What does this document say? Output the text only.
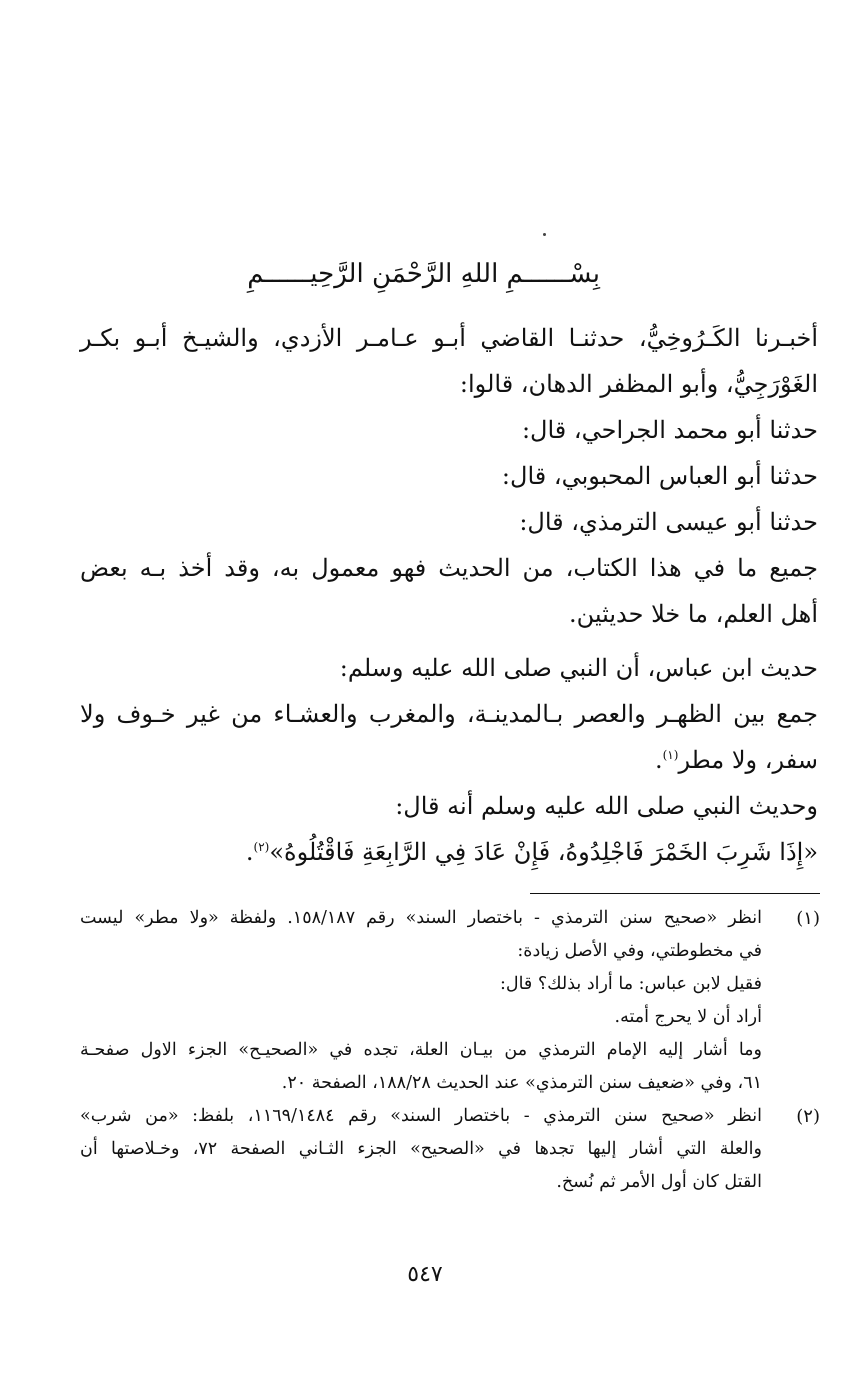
بِسْــــــمِ اللهِ الرَّحْمَنِ الرَّحِيــــــمِ
أخبـرنا الكَـرُوخِيُّ، حدثنـا القاضي أبـو عـامـر الأزدي، والشيـخ أبـو بكـر
الغَوْرَجِيُّ، وأبو المظفر الدهان، قالوا:
حدثنا أبو محمد الجراحي، قال:
حدثنا أبو العباس المحبوبي، قال:
حدثنا أبو عيسى الترمذي، قال:
جميع ما في هذا الكتاب، من الحديث فهو معمول به، وقد أخذ بـه بعض
أهل العلم، ما خلا حديثين.
حديث ابن عباس، أن النبي صلى الله عليه وسلم:
جمع بين الظهـر والعصر بـالمدينـة، والمغرب والعشـاء من غير خـوف ولا
سفر، ولا مطر$^{(١)}$.
وحديث النبي صلى الله عليه وسلم أنه قال:
«إِذَا شَرِبَ الخَمْرَ فَاجْلِدُوهُ، فَإِنْ عَادَ فِي الرَّابِعَةِ فَاقْتُلُوهُ»$^{(٢)}$.
(١)
انظر «صحيح سنن الترمذي - باختصار السند» رقم ١٥٨/١٨٧. ولفظة «ولا مطر» ليست
في مخطوطتي، وفي الأصل زيادة:
فقيل لابن عباس: ما أراد بذلك؟ قال:
أراد أن لا يحرج أمته.
وما أشار إليه الإمام الترمذي من بيـان العلة، تجده في «الصحيـح» الجزء الاول صفحـة
٦١، وفي «ضعيف سنن الترمذي» عند الحديث ١٨٨/٢٨، الصفحة ٢٠.
(٢)
انظر «صحيح سنن الترمذي - باختصار السند» رقم ١١٦٩/١٤٨٤، بلفظ: «من شرب»
والعلة التي أشار إليها تجدها في «الصحيح» الجزء الثـاني الصفحة ٧٢، وخـلاصتها أن
القتل كان أول الأمر ثم نُسخ.
٥٤٧
